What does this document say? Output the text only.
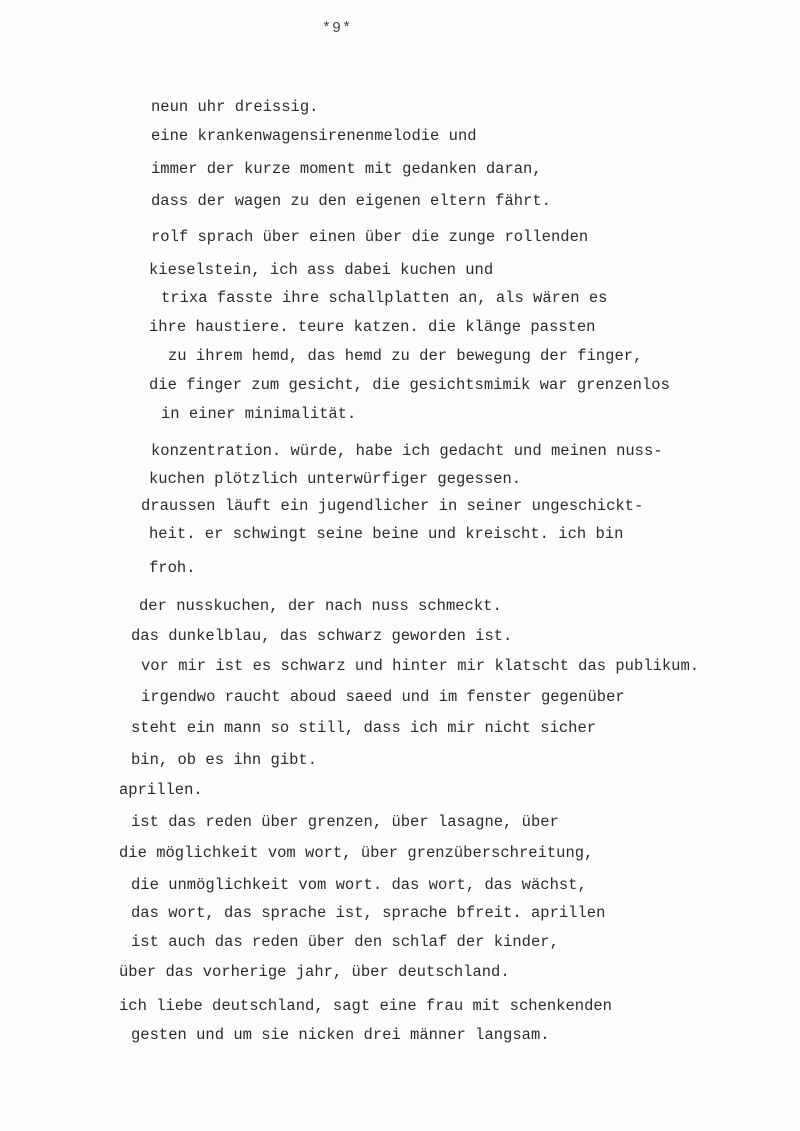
*9*
neun uhr dreissig.
eine krankenwagensirenenmelodie und
immer der kurze moment mit gedanken daran,
dass der wagen zu den eigenen eltern fährt.
rolf sprach über einen über die zunge rollenden
kieselstein, ich ass dabei kuchen und
trixa fasste ihre schallplatten an, als wären es
ihre haustiere. teure katzen. die klänge passten
zu ihrem hemd, das hemd zu der bewegung der finger,
die finger zum gesicht, die gesichtsmimik war grenzenlos
in einer minimalität.
konzentration. würde, habe ich gedacht und meinen nuss-
kuchen plötzlich unterwürfiger gegessen.
draussen läuft ein jugendlicher in seiner ungeschickt-
heit. er schwingt seine beine und kreischt. ich bin
froh.
der nusskuchen, der nach nuss schmeckt.
das dunkelblau, das schwarz geworden ist.
vor mir ist es schwarz und hinter mir klatscht das publikum.
irgendwo raucht aboud saeed und im fenster gegenüber
steht ein mann so still, dass ich mir nicht sicher
bin, ob es ihn gibt.
aprillen.
ist das reden über grenzen, über lasagne, über
die möglichkeit vom wort, über grenzüberschreitung,
die unmöglichkeit vom wort. das wort, das wächst,
das wort, das sprache ist, sprache bfreit. aprillen
ist auch das reden über den schlaf der kinder,
über das vorherige jahr, über deutschland.
ich liebe deutschland, sagt eine frau mit schenkenden
gesten und um sie nicken drei männer langsam.
